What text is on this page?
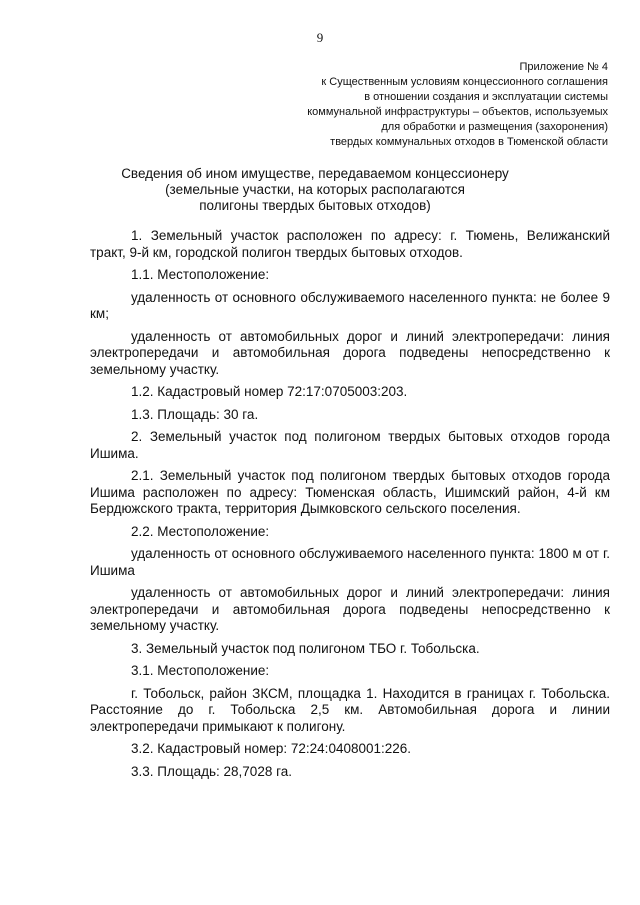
9
Приложение № 4
к Существенным условиям концессионного соглашения
в отношении создания и эксплуатации системы
коммунальной инфраструктуры – объектов, используемых
для обработки и размещения (захоронения)
твердых коммунальных отходов в Тюменской области
Сведения об ином имуществе, передаваемом концессионеру
(земельные участки, на которых располагаются
полигоны твердых бытовых отходов)

1. Земельный участок расположен по адресу: г. Тюмень, Велижанский тракт, 9-й км, городской полигон твердых бытовых отходов.

1.1. Местоположение:

удаленность от основного обслуживаемого населенного пункта: не более 9 км;

удаленность от автомобильных дорог и линий электропередачи: линия электропередачи и автомобильная дорога подведены непосредственно к земельному участку.

1.2. Кадастровый номер 72:17:0705003:203.

1.3. Площадь: 30 га.

2. Земельный участок под полигоном твердых бытовых отходов города Ишима.

2.1. Земельный участок под полигоном твердых бытовых отходов города Ишима расположен по адресу: Тюменская область, Ишимский район, 4-й км Бердюжского тракта, территория Дымковского сельского поселения.

2.2. Местоположение:

удаленность от основного обслуживаемого населенного пункта: 1800 м от г. Ишима

удаленность от автомобильных дорог и линий электропередачи: линия электропередачи и автомобильная дорога подведены непосредственно к земельному участку.

3. Земельный участок под полигоном ТБО г. Тобольска.

3.1. Местоположение:

г. Тобольск, район ЗКСМ, площадка 1. Находится в границах г. Тобольска. Расстояние до г. Тобольска 2,5 км. Автомобильная дорога и линии электропередачи примыкают к полигону.

3.2. Кадастровый номер: 72:24:0408001:226.

3.3. Площадь: 28,7028 га.
